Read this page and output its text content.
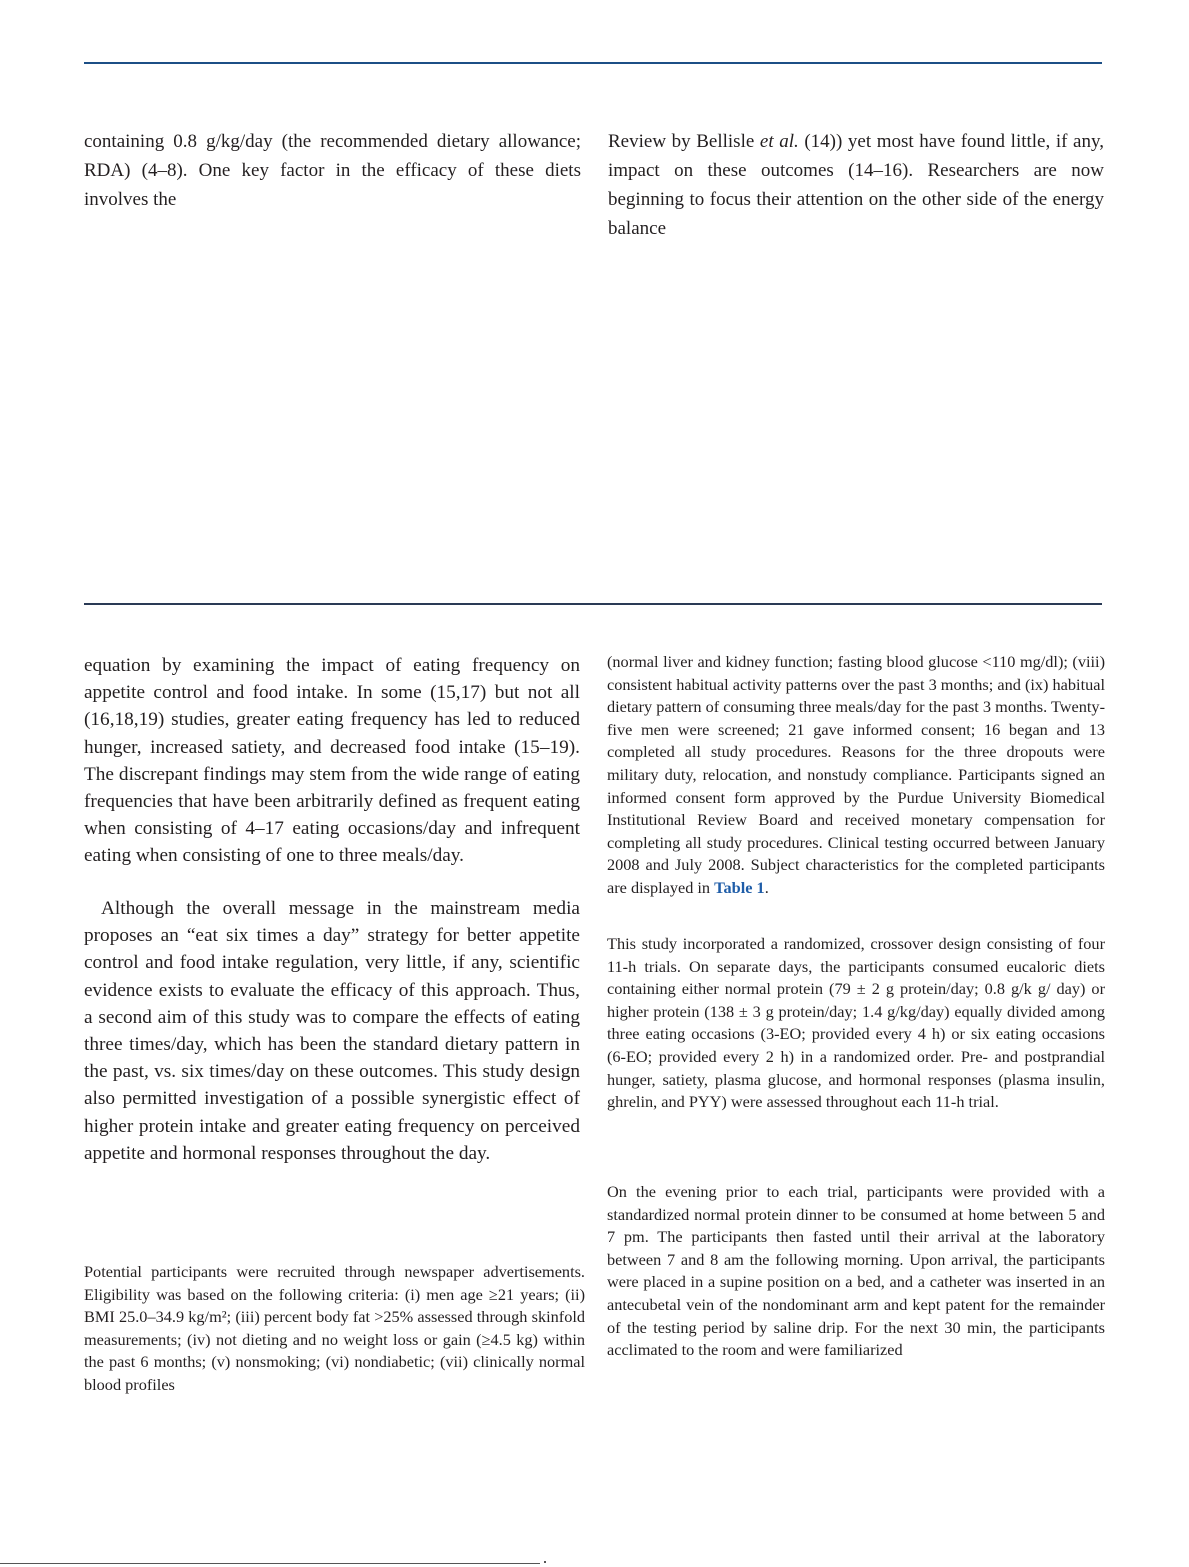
containing 0.8 g/kg/day (the recommended dietary allowance; RDA) (4–8). One key factor in the efficacy of these diets involves the

Review by Bellisle et al. (14)) yet most have found little, if any, impact on these outcomes (14–16). Researchers are now beginning to focus their attention on the other side of the energy balance

equation by examining the impact of eating frequency on appetite control and food intake. In some (15,17) but not all (16,18,19) studies, greater eating frequency has led to reduced hunger, increased satiety, and decreased food intake (15–19). The discrepant findings may stem from the wide range of eating frequencies that have been arbitrarily defined as frequent eating when consisting of 4–17 eating occasions/day and infrequent eating when consisting of one to three meals/day.

Although the overall message in the mainstream media proposes an “eat six times a day” strategy for better appetite control and food intake regulation, very little, if any, scientific evidence exists to evaluate the efficacy of this approach. Thus, a second aim of this study was to compare the effects of eating three times/day, which has been the standard dietary pattern in the past, vs. six times/day on these outcomes. This study design also permitted investigation of a possible synergistic effect of higher protein intake and greater eating frequency on perceived appetite and hormonal responses throughout the day.

Potential participants were recruited through newspaper advertisements. Eligibility was based on the following criteria: (i) men age ≥21 years; (ii) BMI 25.0–34.9 kg/m²; (iii) percent body fat >25% assessed through skinfold measurements; (iv) not dieting and no weight loss or gain (≥4.5 kg) within the past 6 months; (v) nonsmoking; (vi) nondiabetic; (vii) clinically normal blood profiles

(normal liver and kidney function; fasting blood glucose <110 mg/dl); (viii) consistent habitual activity patterns over the past 3 months; and (ix) habitual dietary pattern of consuming three meals/day for the past 3 months. Twenty-five men were screened; 21 gave informed consent; 16 began and 13 completed all study procedures. Reasons for the three dropouts were military duty, relocation, and nonstudy compliance. Participants signed an informed consent form approved by the Purdue University Biomedical Institutional Review Board and received monetary compensation for completing all study procedures. Clinical testing occurred between January 2008 and July 2008. Subject characteristics for the completed participants are displayed in Table 1.

This study incorporated a randomized, crossover design consisting of four 11-h trials. On separate days, the participants consumed eucaloric diets containing either normal protein (79 ± 2 g protein/day; 0.8 g/k g/ day) or higher protein (138 ± 3 g protein/day; 1.4 g/kg/day) equally divided among three eating occasions (3-EO; provided every 4 h) or six eating occasions (6-EO; provided every 2 h) in a randomized order. Pre- and postprandial hunger, satiety, plasma glucose, and hormonal responses (plasma insulin, ghrelin, and PYY) were assessed throughout each 11-h trial.

On the evening prior to each trial, participants were provided with a standardized normal protein dinner to be consumed at home between 5 and 7 pm. The participants then fasted until their arrival at the laboratory between 7 and 8 am the following morning. Upon arrival, the participants were placed in a supine position on a bed, and a catheter was inserted in an antecubetal vein of the nondominant arm and kept patent for the remainder of the testing period by saline drip. For the next 30 min, the participants acclimated to the room and were familiarized
